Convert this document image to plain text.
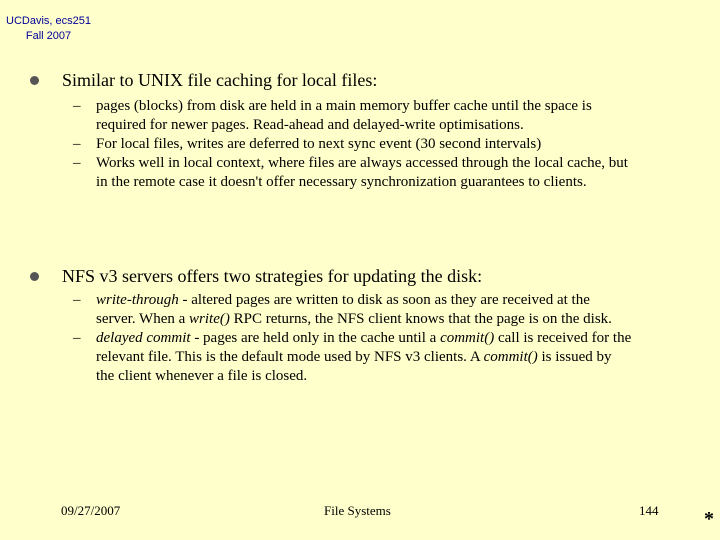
UCDavis, ecs251
Fall 2007
Similar to UNIX file caching for local files:
– pages (blocks) from disk are held in a main memory buffer cache until the space is required for newer pages. Read-ahead and delayed-write optimisations.
– For local files, writes are deferred to next sync event (30 second intervals)
– Works well in local context, where files are always accessed through the local cache, but in the remote case it doesn't offer necessary synchronization guarantees to clients.
NFS v3 servers offers two strategies for updating the disk:
– write-through - altered pages are written to disk as soon as they are received at the server. When a write() RPC returns, the NFS client knows that the page is on the disk.
– delayed commit - pages are held only in the cache until a commit() call is received for the relevant file. This is the default mode used by NFS v3 clients. A commit() is issued by the client whenever a file is closed.
09/27/2007	File Systems	144 *
